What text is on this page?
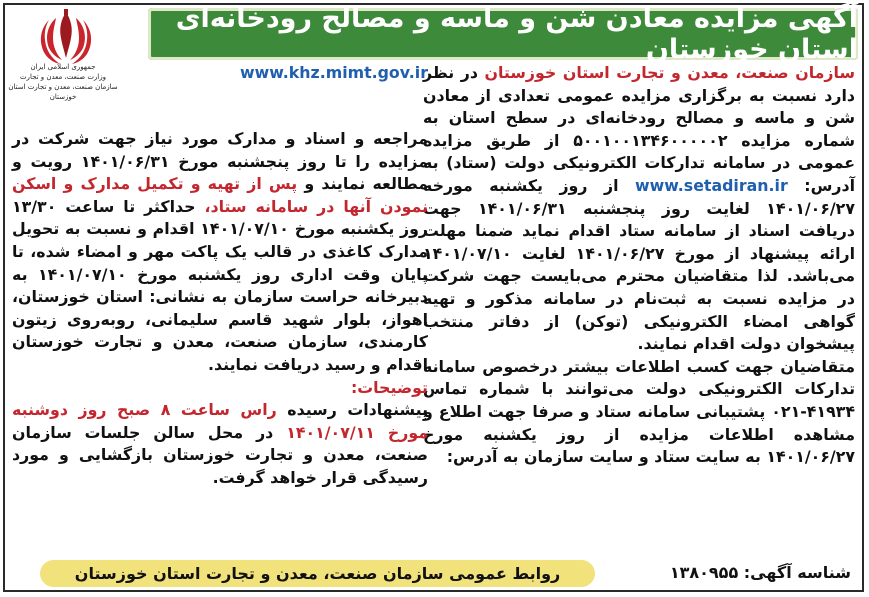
جمهوری اسلامی ایران
وزارت صنعت، معدن و تجارت
سازمان صنعت، معدن و تجارت استان خوزستان
آگهی مزایده معادن شن و ماسه و مصالح رودخانه‌ای استان خوزستان
سازمان صنعت، معدن و تجارت استان خوزستان در نظر دارد نسبت به برگزاری مزایده عمومی تعدادی از معادن شن و ماسه و مصالح رودخانه‌ای در سطح استان به شماره مزایده ۵۰۰۱۰۰۱۳۴۶۰۰۰۰۰۲ از طریق مزایده عمومی در سامانه تدارکات الکترونیکی دولت (ستاد) به آدرس: www.setadiran.ir از روز یکشنبه مورخه ۱۴۰۱/۰۶/۲۷ لغایت روز پنجشنبه ۱۴۰۱/۰۶/۳۱ جهت دریافت اسناد از سامانه ستاد اقدام نماید ضمنا مهلت ارائه پیشنهاد از مورخ ۱۴۰۱/۰۶/۲۷ لغایت ۱۴۰۱/۰۷/۱۰ می‌باشد. لذا متقاضیان محترم می‌بایست جهت شرکت در مزایده نسبت به ثبت‌نام در سامانه مذکور و تهیه گواهی امضاء الکترونیکی (توکن) از دفاتر منتخب پیشخوان دولت اقدام نمایند.
متقاضیان جهت کسب اطلاعات بیشتر درخصوص سامانه تدارکات الکترونیکی دولت می‌توانند با شماره تماس ۴۱۹۳۴-۰۲۱ پشتیبانی سامانه ستاد و صرفا جهت اطلاع و مشاهده اطلاعات مزایده از روز یکشنبه مورخ ۱۴۰۱/۰۶/۲۷ به سایت ستاد و سایت سازمان به آدرس:
www.khz.mimt.gov.ir
مراجعه و اسناد و مدارک مورد نیاز جهت شرکت در مزایده را تا روز پنجشنبه مورخ ۱۴۰۱/۰۶/۳۱ رویت و مطالعه نمایند و پس از تهیه و تکمیل مدارک و اسکن نمودن آنها در سامانه ستاد، حداکثر تا ساعت ۱۳/۳۰ روز یکشنبه مورخ ۱۴۰۱/۰۷/۱۰ اقدام و نسبت به تحویل مدارک کاغذی در قالب یک پاکت مهر و امضاء شده، تا پایان وقت اداری روز یکشنبه مورخ ۱۴۰۱/۰۷/۱۰ به دبیرخانه حراست سازمان به نشانی: استان خوزستان، اهواز، بلوار شهید قاسم سلیمانی، روبه‌روی زیتون کارمندی، سازمان صنعت، معدن و تجارت خوزستان اقدام و رسید دریافت نمایند.
توضیحات:
پیشنهادات رسیده راس ساعت ۸ صبح روز دوشنبه مورخ ۱۴۰۱/۰۷/۱۱ در محل سالن جلسات سازمان صنعت، معدن و تجارت خوزستان بازگشایی و مورد رسیدگی قرار خواهد گرفت.
روابط عمومی سازمان صنعت، معدن و تجارت استان خوزستان	شناسه آگهی: ۱۳۸۰۹۵۵
